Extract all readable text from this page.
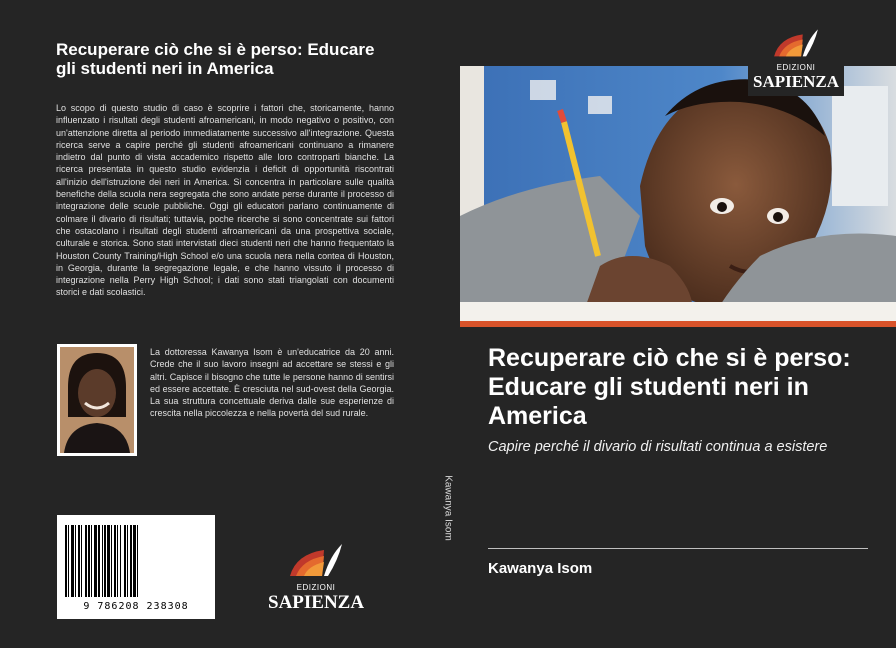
Recuperare ciò che si è perso: Educare gli studenti neri in America
Lo scopo di questo studio di caso è scoprire i fattori che, storicamente, hanno influenzato i risultati degli studenti afroamericani, in modo negativo o positivo, con un'attenzione diretta al periodo immediatamente successivo all'integrazione. Questa ricerca serve a capire perché gli studenti afroamericani continuano a rimanere indietro dal punto di vista accademico rispetto alle loro controparti bianche. La ricerca presentata in questo studio evidenzia i deficit di opportunità riscontrati all'inizio dell'istruzione dei neri in America. Si concentra in particolare sulle qualità benefiche della scuola nera segregata che sono andate perse durante il processo di integrazione delle scuole pubbliche. Oggi gli educatori parlano continuamente di colmare il divario di risultati; tuttavia, poche ricerche si sono concentrate sui fattori che ostacolano i risultati degli studenti afroamericani da una prospettiva sociale, culturale e storica. Sono stati intervistati dieci studenti neri che hanno frequentato la Houston County Training/High School e/o una scuola nera nella contea di Houston, in Georgia, durante la segregazione legale, e che hanno vissuto il processo di integrazione nella Perry High School; i dati sono stati triangolati con documenti storici e dati scolastici.
La dottoressa Kawanya Isom è un'educatrice da 20 anni. Crede che il suo lavoro insegni ad accettare se stessi e gli altri. Capisce il bisogno che tutte le persone hanno di sentirsi ed essere accettate. È cresciuta nel sud-ovest della Georgia. La sua struttura concettuale deriva dalle sue esperienze di crescita nella piccolezza e nella povertà del sud rurale.
9 786208 238308
EDIZIONI
SAPIENZA
Kawanya Isom
EDIZIONI
SAPIENZA
Recuperare ciò che si è perso: Educare gli studenti neri in America
Capire perché il divario di risultati continua a esistere
Kawanya Isom
